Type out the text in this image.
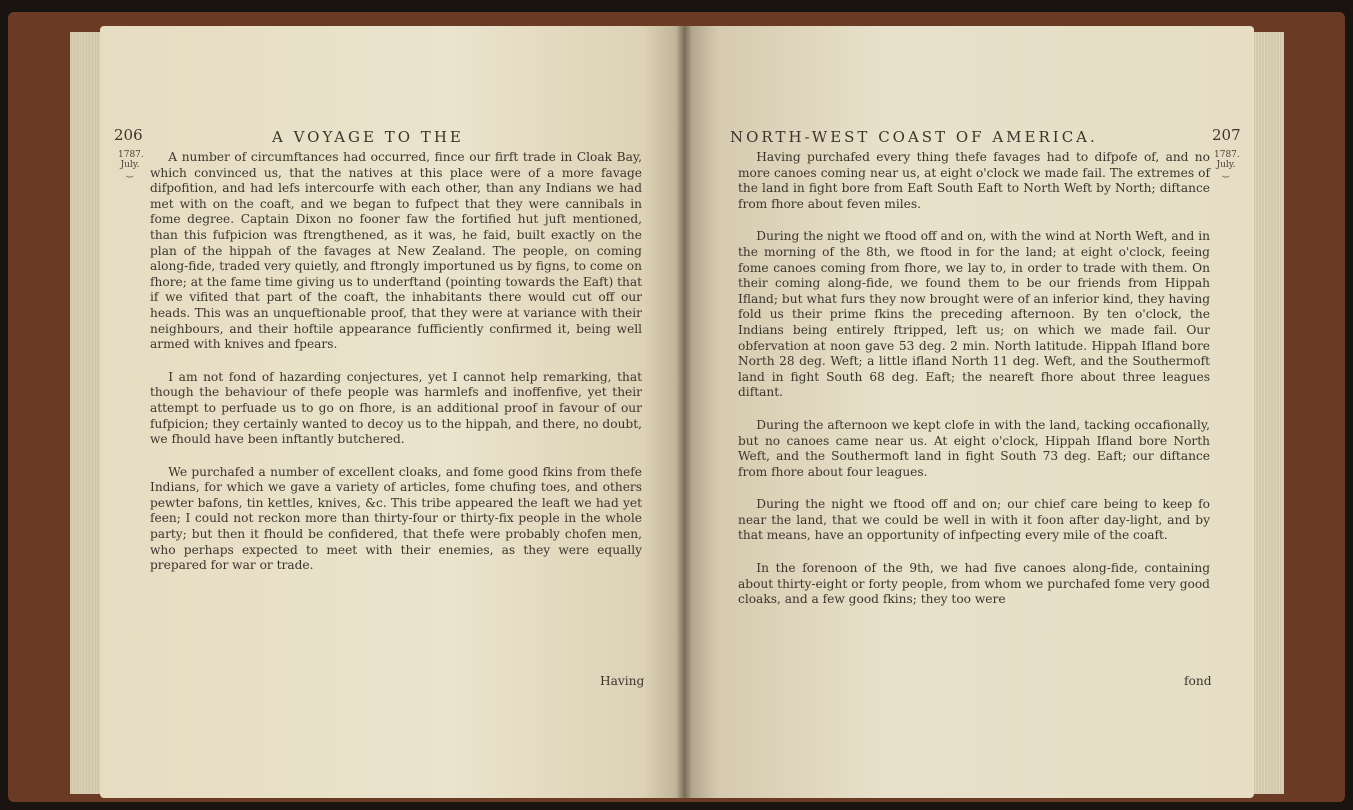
206	A VOYAGE TO THE
1787. July.
⏝

A number of circumftances had occurred, fince our firft trade in Cloak Bay, which convinced us, that the natives at this place were of a more favage difpofition, and had lefs intercourfe with each other, than any Indians we had met with on the coaft, and we began to fufpect that they were cannibals in fome degree. Captain Dixon no fooner faw the fortified hut juft mentioned, than this fufpicion was ftrengthened, as it was, he faid, built exactly on the plan of the hippah of the favages at New Zealand. The people, on coming along-fide, traded very quietly, and ftrongly importuned us by figns, to come on fhore; at the fame time giving us to underftand (pointing towards the Eaft) that if we vifited that part of the coaft, the inhabitants there would cut off our heads. This was an unqueftionable proof, that they were at variance with their neighbours, and their hoftile appearance fufficiently confirmed it, being well armed with knives and fpears.

I am not fond of hazarding conjectures, yet I cannot help remarking, that though the behaviour of thefe people was harmlefs and inoffenfive, yet their attempt to perfuade us to go on fhore, is an additional proof in favour of our fufpicion; they certainly wanted to decoy us to the hippah, and there, no doubt, we fhould have been inftantly butchered.

We purchafed a number of excellent cloaks, and fome good fkins from thefe Indians, for which we gave a variety of articles, fome chufing toes, and others pewter bafons, tin kettles, knives, &c. This tribe appeared the leaft we had yet feen; I could not reckon more than thirty-four or thirty-fix people in the whole party; but then it fhould be confidered, that thefe were probably chofen men, who perhaps expected to meet with their enemies, as they were equally prepared for war or trade.

Having
NORTH-WEST COAST OF AMERICA.	207
1787. July.
⏝

Having purchafed every thing thefe favages had to difpofe of, and no more canoes coming near us, at eight o'clock we made fail. The extremes of the land in fight bore from Eaft South Eaft to North Weft by North; diftance from fhore about feven miles.

During the night we ftood off and on, with the wind at North Weft, and in the morning of the 8th, we ftood in for the land; at eight o'clock, feeing fome canoes coming from fhore, we lay to, in order to trade with them. On their coming along-fide, we found them to be our friends from Hippah Ifland; but what furs they now brought were of an inferior kind, they having fold us their prime fkins the preceding afternoon. By ten o'clock, the Indians being entirely ftripped, left us; on which we made fail. Our obfervation at noon gave 53 deg. 2 min. North latitude. Hippah Ifland bore North 28 deg. Weft; a little ifland North 11 deg. Weft, and the Southermoft land in fight South 68 deg. Eaft; the neareft fhore about three leagues diftant.

During the afternoon we kept clofe in with the land, tacking occafionally, but no canoes came near us. At eight o'clock, Hippah Ifland bore North Weft, and the Southermoft land in fight South 73 deg. Eaft; our diftance from fhore about four leagues.

During the night we ftood off and on; our chief care being to keep fo near the land, that we could be well in with it foon after day-light, and by that means, have an opportunity of infpecting every mile of the coaft.

In the forenoon of the 9th, we had five canoes along-fide, containing about thirty-eight or forty people, from whom we purchafed fome very good cloaks, and a few good fkins; they too were

fond
